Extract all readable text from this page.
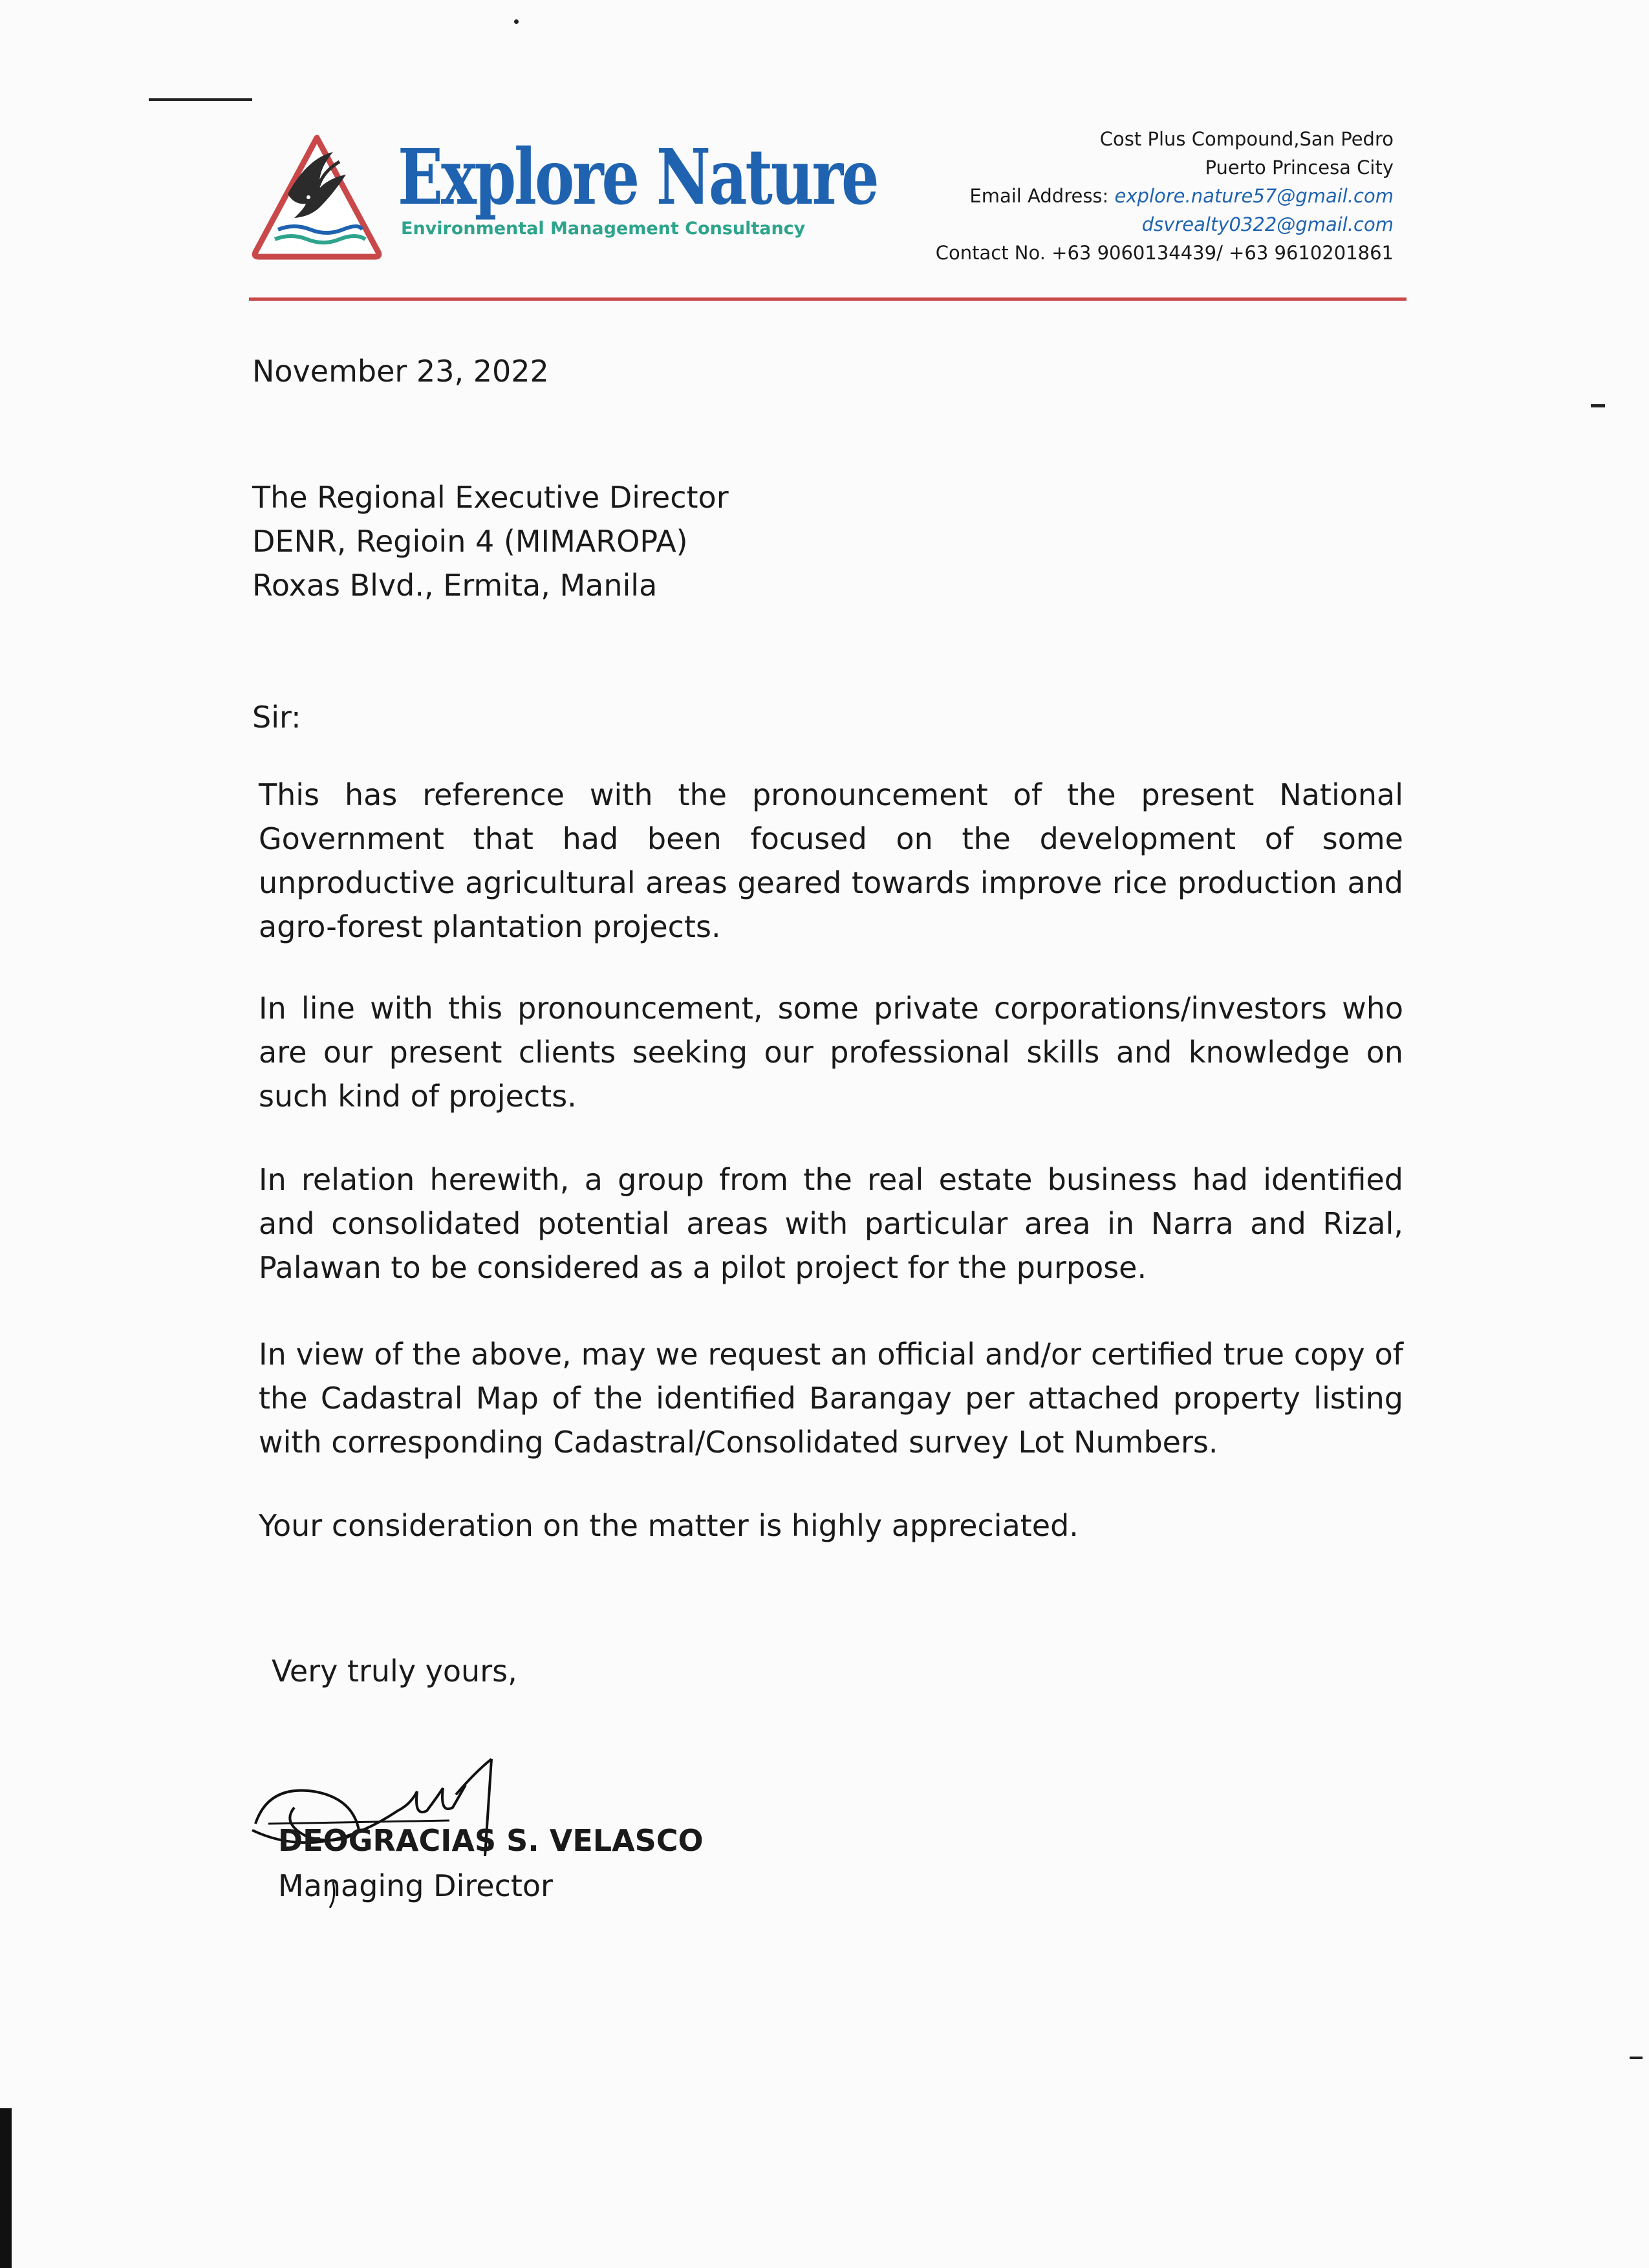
Explore Nature
Environmental Management Consultancy
Cost Plus Compound,San Pedro
Puerto Princesa City
Email Address: explore.nature57@gmail.com
dsvrealty0322@gmail.com
Contact No. +63 9060134439/ +63 9610201861
November 23, 2022
The Regional Executive Director
DENR, Regioin 4 (MIMAROPA)
Roxas Blvd., Ermita, Manila
Sir:
This has reference with the pronouncement of the present National Government that had been focused on the development of some unproductive agricultural areas geared towards improve rice production and agro-forest plantation projects.
In line with this pronouncement, some private corporations/investors who are our present clients seeking our professional skills and knowledge on such kind of projects.
In relation herewith, a group from the real estate business had identified and consolidated potential areas with particular area in Narra and Rizal, Palawan to be considered as a pilot project for the purpose.
In view of the above, may we request an official and/or certified true copy of the Cadastral Map of the identified Barangay per attached property listing with corresponding Cadastral/Consolidated survey Lot Numbers.
Your consideration on the matter is highly appreciated.
Very truly yours,
DEOGRACIAS S. VELASCO
Managing Director
